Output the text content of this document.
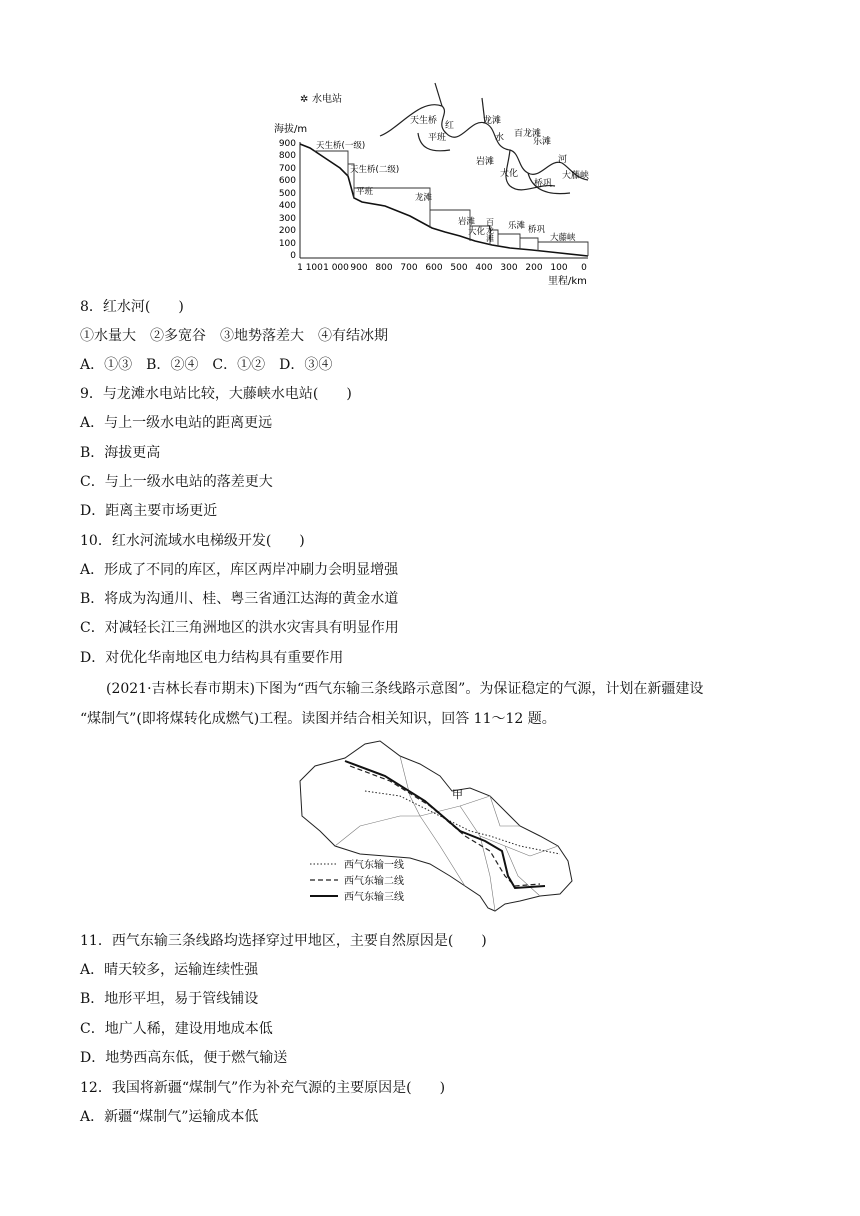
✲ 水电站
天生桥
平班
红
水
河
龙滩
岩滩
大化
百龙滩
乐滩
桥巩
大藤峡
海拔/m
里程/km
900
800
700
600
500
400
300
200
100
0
1 100 1 000 900 800 700 600 500 400 300 200 100 0
天生桥(一级)
天生桥(二级)
平班
龙滩
岩滩
大化 百龙滩 乐滩 桥巩
大藤峡
8．红水河(　　)
①水量大　②多宽谷　③地势落差大　④有结冰期
A．①③　B．②④　C．①②　D．③④
9．与龙滩水电站比较，大藤峡水电站(　　)
A．与上一级水电站的距离更远
B．海拔更高
C．与上一级水电站的落差更大
D．距离主要市场更近
10．红水河流域水电梯级开发(　　)
A．形成了不同的库区，库区两岸冲刷力会明显增强
B．将成为沟通川、桂、粤三省通江达海的黄金水道
C．对减轻长江三角洲地区的洪水灾害具有明显作用
D．对优化华南地区电力结构具有重要作用
(2021·吉林长春市期末)下图为“西气东输三条线路示意图”。为保证稳定的气源，计划在新疆建设
“煤制气”(即将煤转化成燃气)工程。读图并结合相关知识，回答 11～12 题。
甲
西气东输一线
西气东输二线
西气东输三线
11．西气东输三条线路均选择穿过甲地区，主要自然原因是(　　)
A．晴天较多，运输连续性强
B．地形平坦，易于管线铺设
C．地广人稀，建设用地成本低
D．地势西高东低，便于燃气输送
12．我国将新疆“煤制气”作为补充气源的主要原因是(　　)
A．新疆“煤制气”运输成本低
